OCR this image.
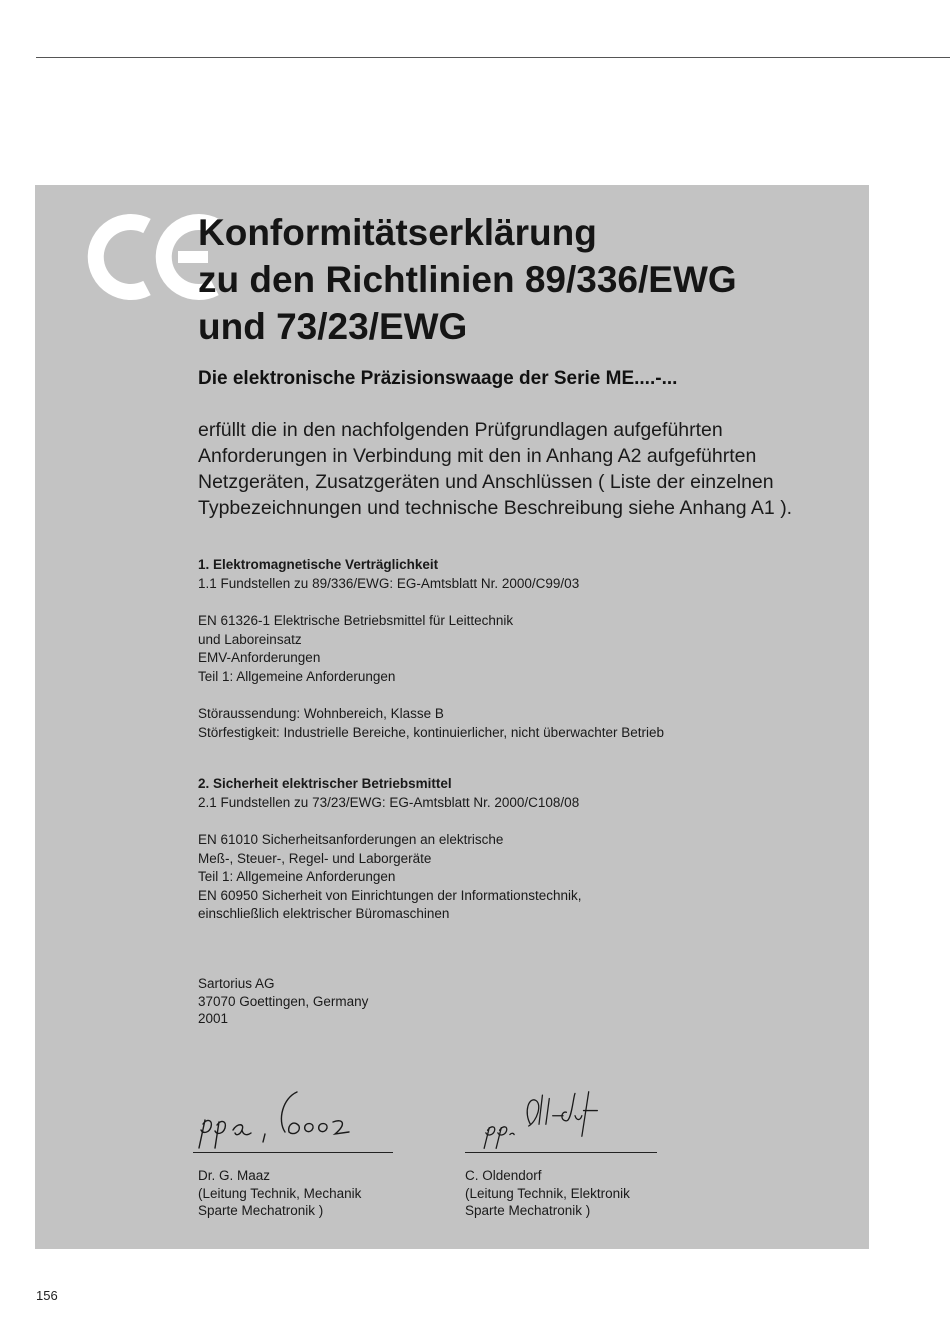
Konformitätserklärung
zu den Richtlinien 89/336/EWG
und 73/23/EWG

Die elektronische Präzisionswaage der Serie ME....-...

erfüllt die in den nachfolgenden Prüfgrundlagen aufgeführten
Anforderungen in Verbindung mit den in Anhang A2 aufgeführten
Netzgeräten, Zusatzgeräten und Anschlüssen ( Liste der einzelnen
Typbezeichnungen und technische Beschreibung siehe Anhang A1 ).

1. Elektromagnetische Verträglichkeit
1.1 Fundstellen zu 89/336/EWG: EG-Amtsblatt Nr. 2000/C99/03
EN 61326-1 Elektrische Betriebsmittel für Leittechnik
und Laboreinsatz
EMV-Anforderungen
Teil 1: Allgemeine Anforderungen
Störaussendung: Wohnbereich, Klasse B
Störfestigkeit: Industrielle Bereiche, kontinuierlicher, nicht überwachter Betrieb
2. Sicherheit elektrischer Betriebsmittel
2.1 Fundstellen zu 73/23/EWG: EG-Amtsblatt Nr. 2000/C108/08
EN 61010 Sicherheitsanforderungen an elektrische
Meß-, Steuer-, Regel- und Laborgeräte
Teil 1: Allgemeine Anforderungen
EN 60950 Sicherheit von Einrichtungen der Informationstechnik,
einschließlich elektrischer Büromaschinen
Sartorius AG
37070 Goettingen, Germany
2001
Dr. G. Maaz
(Leitung Technik, Mechanik
Sparte Mechatronik )
C. Oldendorf
(Leitung Technik, Elektronik
Sparte Mechatronik )
156
